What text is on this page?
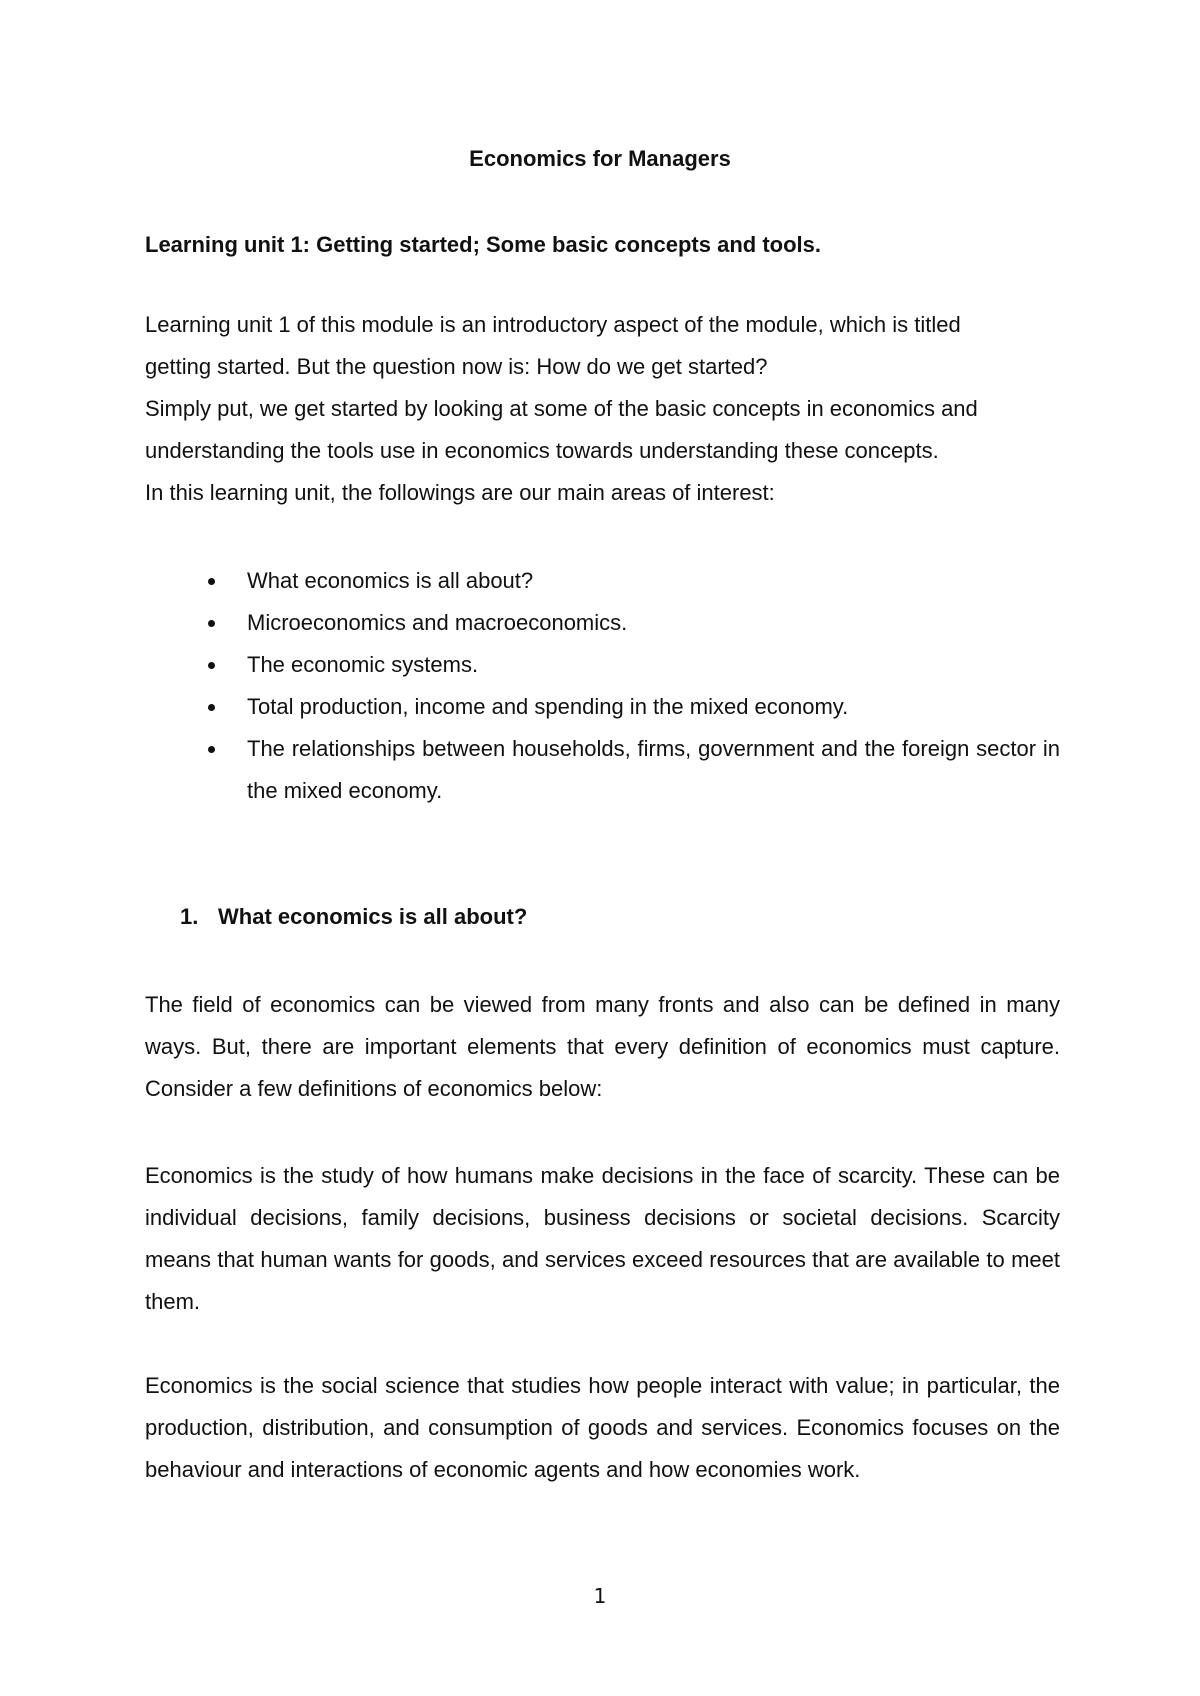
Economics for Managers
Learning unit 1: Getting started; Some basic concepts and tools.
Learning unit 1 of this module is an introductory aspect of the module, which is titled
getting started. But the question now is: How do we get started?
Simply put, we get started by looking at some of the basic concepts in economics and
understanding the tools use in economics towards understanding these concepts.
In this learning unit, the followings are our main areas of interest:
What economics is all about?
Microeconomics and macroeconomics.
The economic systems.
Total production, income and spending in the mixed economy.
The relationships between households, firms, government and the foreign sector in the mixed economy.
1. What economics is all about?
The field of economics can be viewed from many fronts and also can be defined in many ways. But, there are important elements that every definition of economics must capture. Consider a few definitions of economics below:
Economics is the study of how humans make decisions in the face of scarcity. These can be individual decisions, family decisions, business decisions or societal decisions. Scarcity means that human wants for goods, and services exceed resources that are available to meet them.
Economics is the social science that studies how people interact with value; in particular, the production, distribution, and consumption of goods and services. Economics focuses on the behaviour and interactions of economic agents and how economies work.
1
